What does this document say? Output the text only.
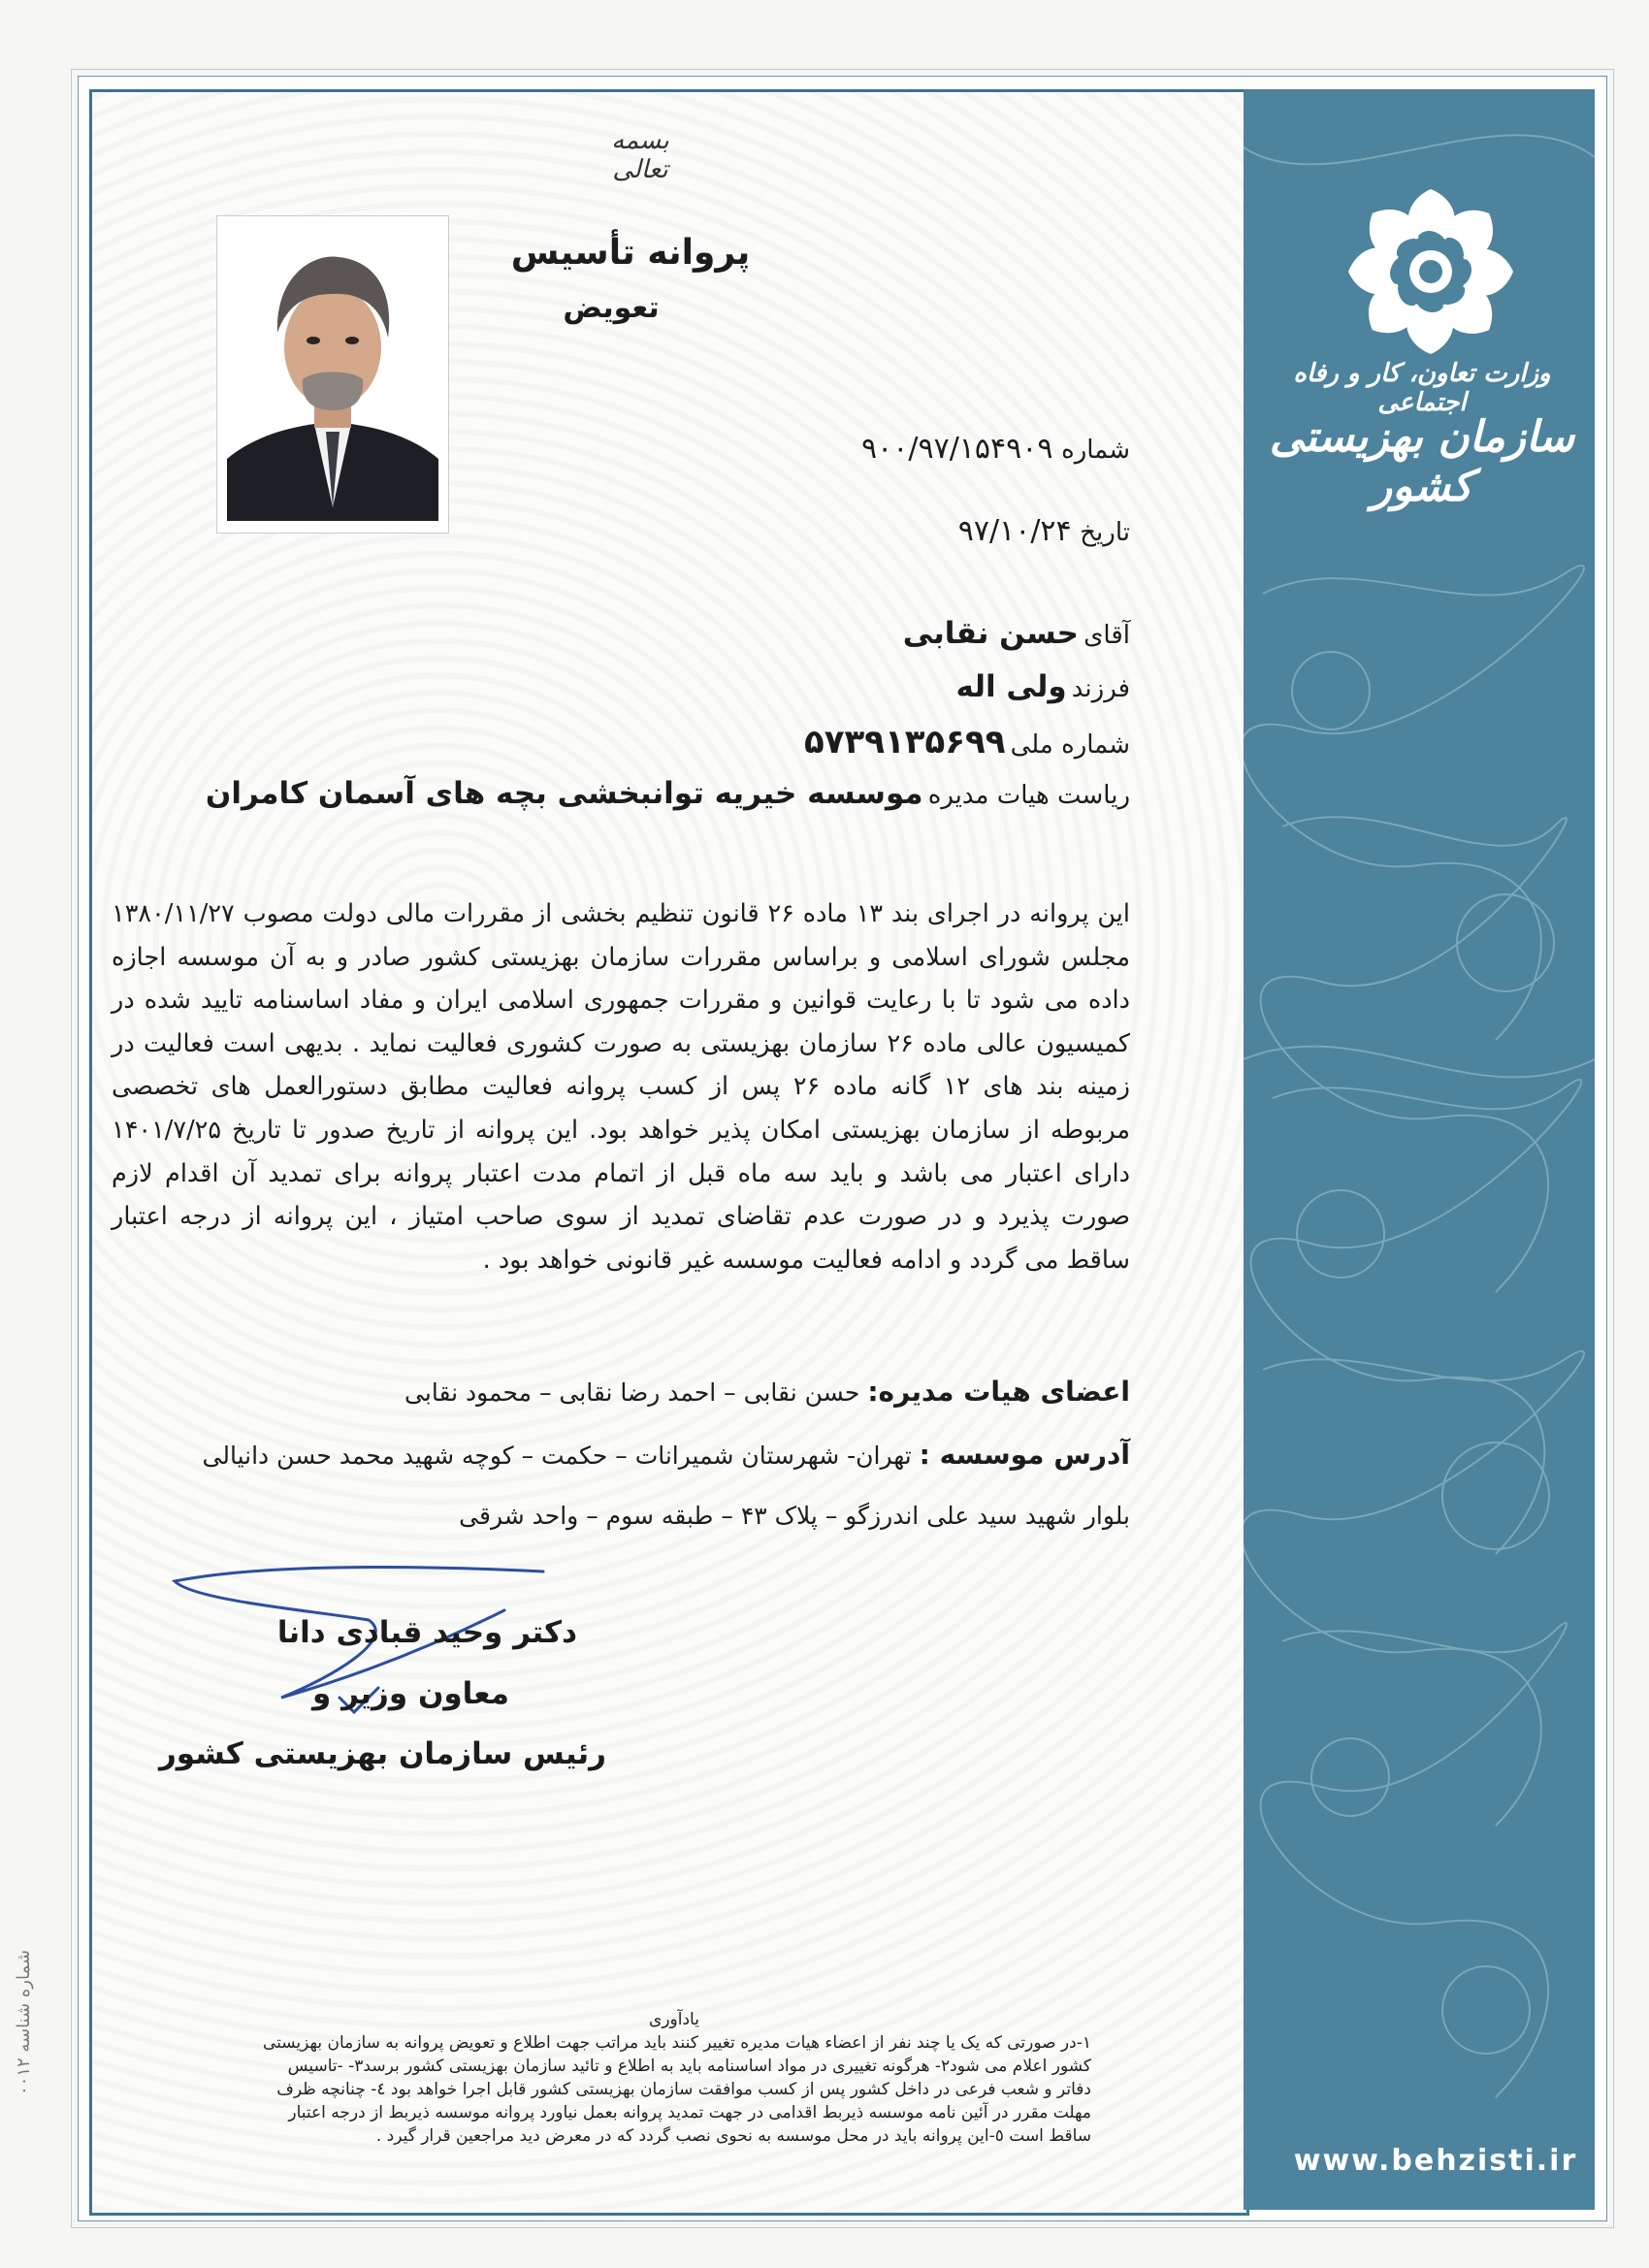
وزارت تعاون، کار و رفاه اجتماعی
سازمان بهزیستی کشور
www.behzisti.ir
شماره شناسه ۰۰۱۲
بسمه تعالی
پروانه تأسیس
تعویض
شماره ۹۰۰/۹۷/۱۵۴۹۰۹
تاریخ ۹۷/۱۰/۲۴
آقای حسن نقابی
فرزند ولی اله
شماره ملی ۵۷۳۹۱۳۵۶۹۹
ریاست هیات مدیره موسسه خیریه توانبخشی بچه های آسمان کامران
این پروانه در اجرای بند ۱۳ ماده ۲۶ قانون تنظیم بخشی از مقررات مالی دولت مصوب ۱۳۸۰/۱۱/۲۷ مجلس شورای اسلامی و براساس مقررات سازمان بهزیستی کشور صادر و به آن موسسه اجازه داده می شود تا با رعایت قوانین و مقررات جمهوری اسلامی ایران و مفاد اساسنامه تایید شده در کمیسیون عالی ماده ۲۶ سازمان بهزیستی به صورت کشوری فعالیت نماید . بدیهی است فعالیت در زمینه بند های ۱۲ گانه ماده ۲۶ پس از کسب پروانه فعالیت مطابق دستورالعمل های تخصصی مربوطه از سازمان بهزیستی امکان پذیر خواهد بود. این پروانه از تاریخ صدور تا تاریخ ۱۴۰۱/۷/۲۵ دارای اعتبار می باشد و باید سه ماه قبل از اتمام مدت اعتبار پروانه برای تمدید آن اقدام لازم صورت پذیرد و در صورت عدم تقاضای تمدید از سوی صاحب امتیاز ، این پروانه از درجه اعتبار ساقط می گردد و ادامه فعالیت موسسه غیر قانونی خواهد بود .
اعضای هیات مدیره: حسن نقابی – احمد رضا نقابی – محمود نقابی
آدرس موسسه : تهران- شهرستان شمیرانات – حکمت – کوچه شهید محمد حسن دانیالی
بلوار شهید سید علی اندرزگو – پلاک ۴۳ – طبقه سوم – واحد شرقی
دکتر وحید قبادی دانا
معاون وزیر و
رئیس سازمان بهزیستی کشور
یادآوری
۱-در صورتی که یک یا چند نفر از اعضاء هیات مدیره تغییر کنند باید مراتب جهت اطلاع و تعویض پروانه به سازمان بهزیستی کشور اعلام می شود۲- هرگونه تغییری در مواد اساسنامه باید به اطلاع و تائید سازمان بهزیستی کشور برسد۳- -تاسیس دفاتر و شعب فرعی در داخل کشور پس از کسب موافقت سازمان بهزیستی کشور قابل اجرا خواهد بود ٤- چنانچه ظرف مهلت مقرر در آئین نامه موسسه ذیربط اقدامی در جهت تمدید پروانه بعمل نیاورد پروانه موسسه ذیربط از درجه اعتبار ساقط است ٥-این پروانه باید در محل موسسه به نحوی نصب گردد که در معرض دید مراجعین قرار گیرد .
